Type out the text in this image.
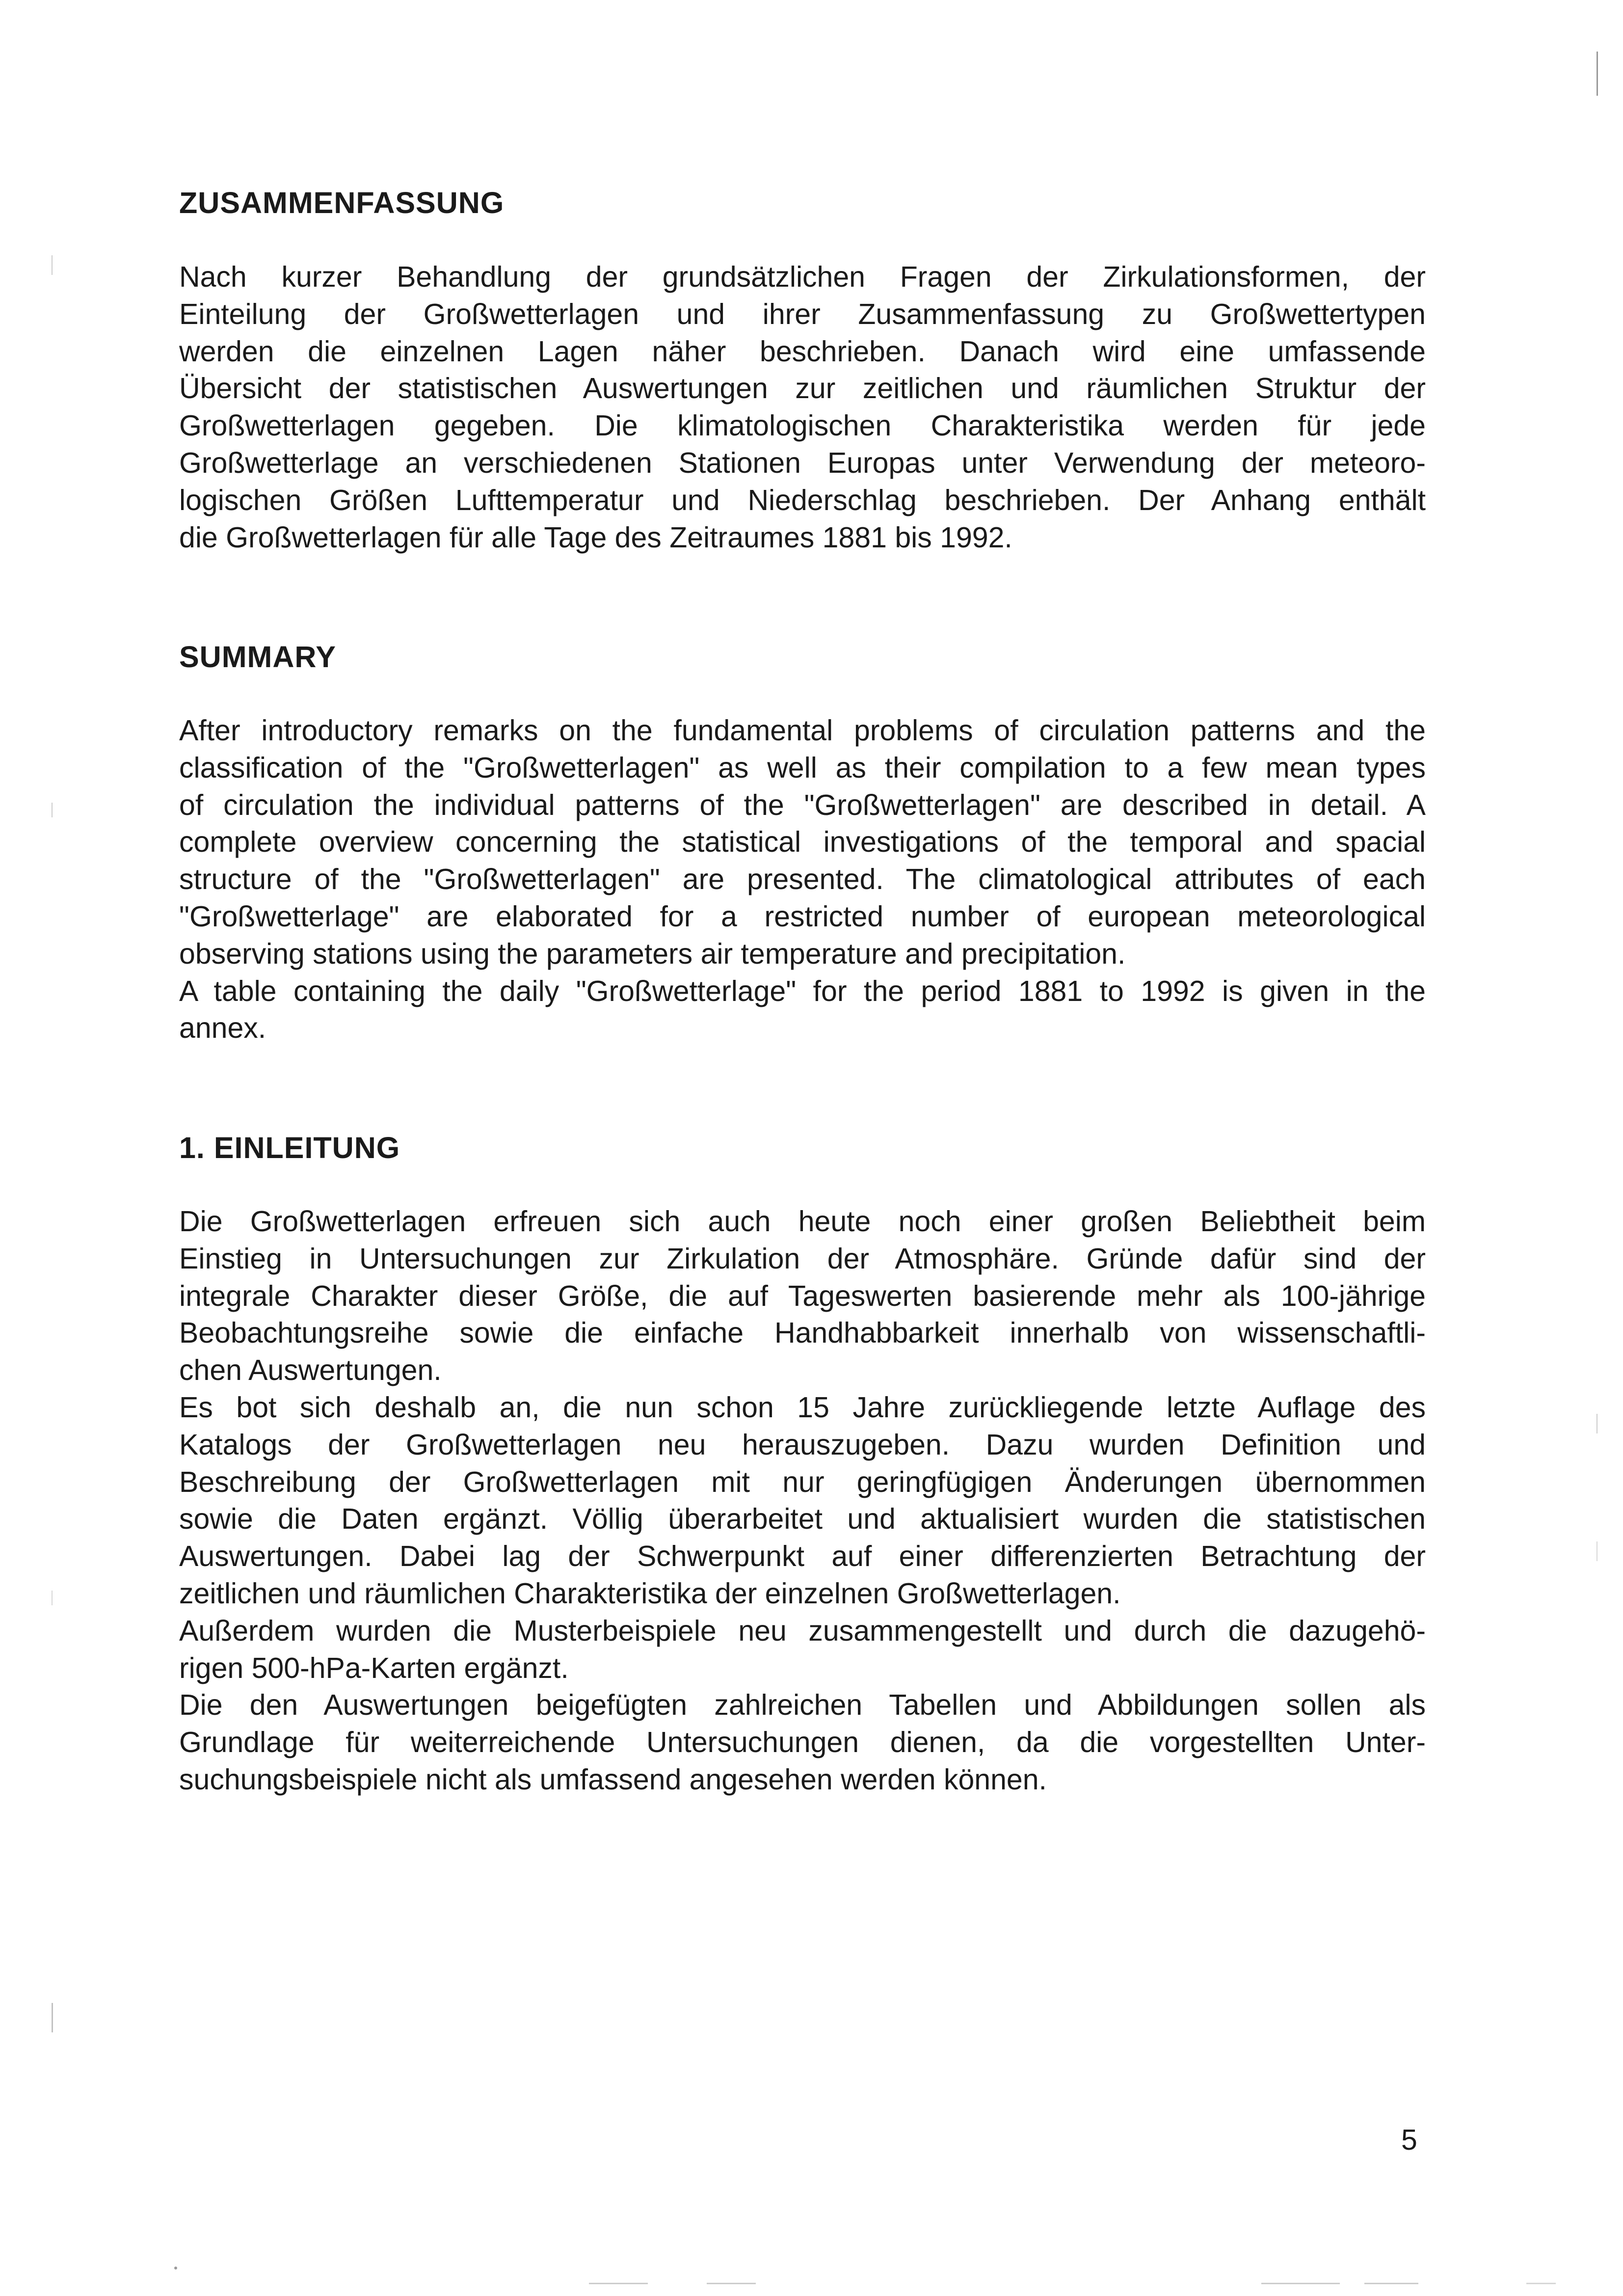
ZUSAMMENFASSUNG
Nach kurzer Behandlung der grundsätzlichen Fragen der Zirkulationsformen, der
Einteilung der Großwetterlagen und ihrer Zusammenfassung zu Großwettertypen
werden die einzelnen Lagen näher beschrieben. Danach wird eine umfassende
Übersicht der statistischen Auswertungen zur zeitlichen und räumlichen Struktur der
Großwetterlagen gegeben. Die klimatologischen Charakteristika werden für jede
Großwetterlage an verschiedenen Stationen Europas unter Verwendung der meteoro-
logischen Größen Lufttemperatur und Niederschlag beschrieben. Der Anhang enthält
die Großwetterlagen für alle Tage des Zeitraumes 1881 bis 1992.
SUMMARY
After introductory remarks on the fundamental problems of circulation patterns and the
classification of the "Großwetterlagen" as well as their compilation to a few mean types
of circulation the individual patterns of the "Großwetterlagen" are described in detail. A
complete overview concerning the statistical investigations of the temporal and spacial
structure of the "Großwetterlagen" are presented. The climatological attributes of each
"Großwetterlage" are elaborated for a restricted number of european meteorological
observing stations using the parameters air temperature and precipitation.
A table containing the daily "Großwetterlage" for the period 1881 to 1992 is given in the
annex.
1. EINLEITUNG
Die Großwetterlagen erfreuen sich auch heute noch einer großen Beliebtheit beim
Einstieg in Untersuchungen zur Zirkulation der Atmosphäre. Gründe dafür sind der
integrale Charakter dieser Größe, die auf Tageswerten basierende mehr als 100-jährige
Beobachtungsreihe sowie die einfache Handhabbarkeit innerhalb von wissenschaftli-
chen Auswertungen.
Es bot sich deshalb an, die nun schon 15 Jahre zurückliegende letzte Auflage des
Katalogs der Großwetterlagen neu herauszugeben. Dazu wurden Definition und
Beschreibung der Großwetterlagen mit nur geringfügigen Änderungen übernommen
sowie die Daten ergänzt. Völlig überarbeitet und aktualisiert wurden die statistischen
Auswertungen. Dabei lag der Schwerpunkt auf einer differenzierten Betrachtung der
zeitlichen und räumlichen Charakteristika der einzelnen Großwetterlagen.
Außerdem wurden die Musterbeispiele neu zusammengestellt und durch die dazugehö-
rigen 500-hPa-Karten ergänzt.
Die den Auswertungen beigefügten zahlreichen Tabellen und Abbildungen sollen als
Grundlage für weiterreichende Untersuchungen dienen, da die vorgestellten Unter-
suchungsbeispiele nicht als umfassend angesehen werden können.
5
